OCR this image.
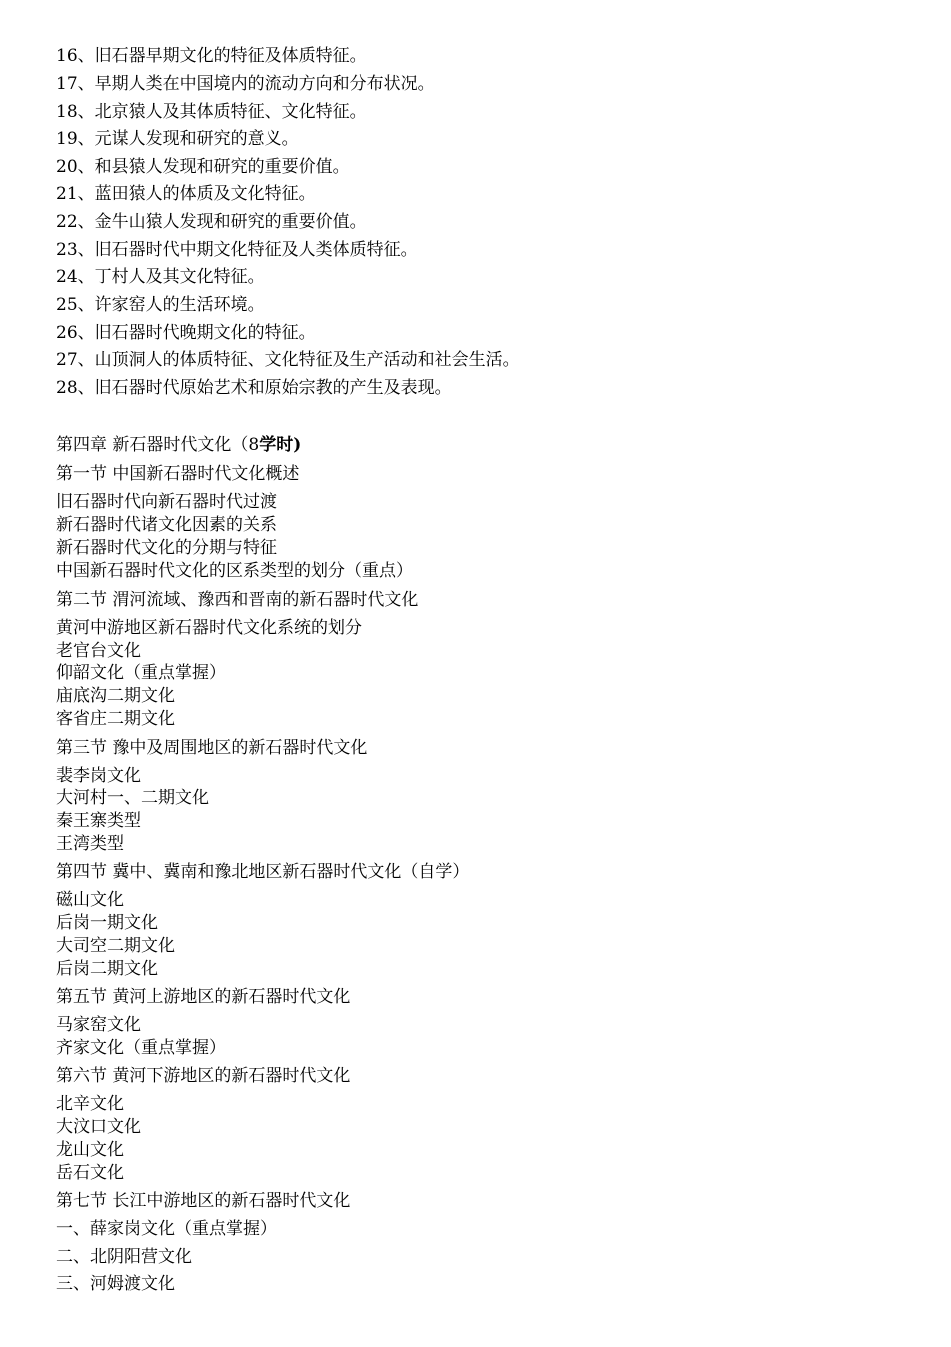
16、旧石器早期文化的特征及体质特征。
17、早期人类在中国境内的流动方向和分布状况。
18、北京猿人及其体质特征、文化特征。
19、元谋人发现和研究的意义。
20、和县猿人发现和研究的重要价值。
21、蓝田猿人的体质及文化特征。
22、金牛山猿人发现和研究的重要价值。
23、旧石器时代中期文化特征及人类体质特征。
24、丁村人及其文化特征。
25、许家窑人的生活环境。
26、旧石器时代晚期文化的特征。
27、山顶洞人的体质特征、文化特征及生产活动和社会生活。
28、旧石器时代原始艺术和原始宗教的产生及表现。
第四章 新石器时代文化（8学时)
第一节 中国新石器时代文化概述
旧石器时代向新石器时代过渡
新石器时代诸文化因素的关系
新石器时代文化的分期与特征
中国新石器时代文化的区系类型的划分（重点）
第二节 渭河流域、豫西和晋南的新石器时代文化
黄河中游地区新石器时代文化系统的划分
老官台文化
仰韶文化（重点掌握）
庙底沟二期文化
客省庄二期文化
第三节 豫中及周围地区的新石器时代文化
裴李岗文化
大河村一、二期文化
秦王寨类型
王湾类型
第四节 冀中、冀南和豫北地区新石器时代文化（自学）
磁山文化
后岗一期文化
大司空二期文化
后岗二期文化
第五节 黄河上游地区的新石器时代文化
马家窑文化
齐家文化（重点掌握）
第六节 黄河下游地区的新石器时代文化
北辛文化
大汶口文化
龙山文化
岳石文化
第七节 长江中游地区的新石器时代文化
一、薛家岗文化（重点掌握）
二、北阴阳营文化
三、河姆渡文化
